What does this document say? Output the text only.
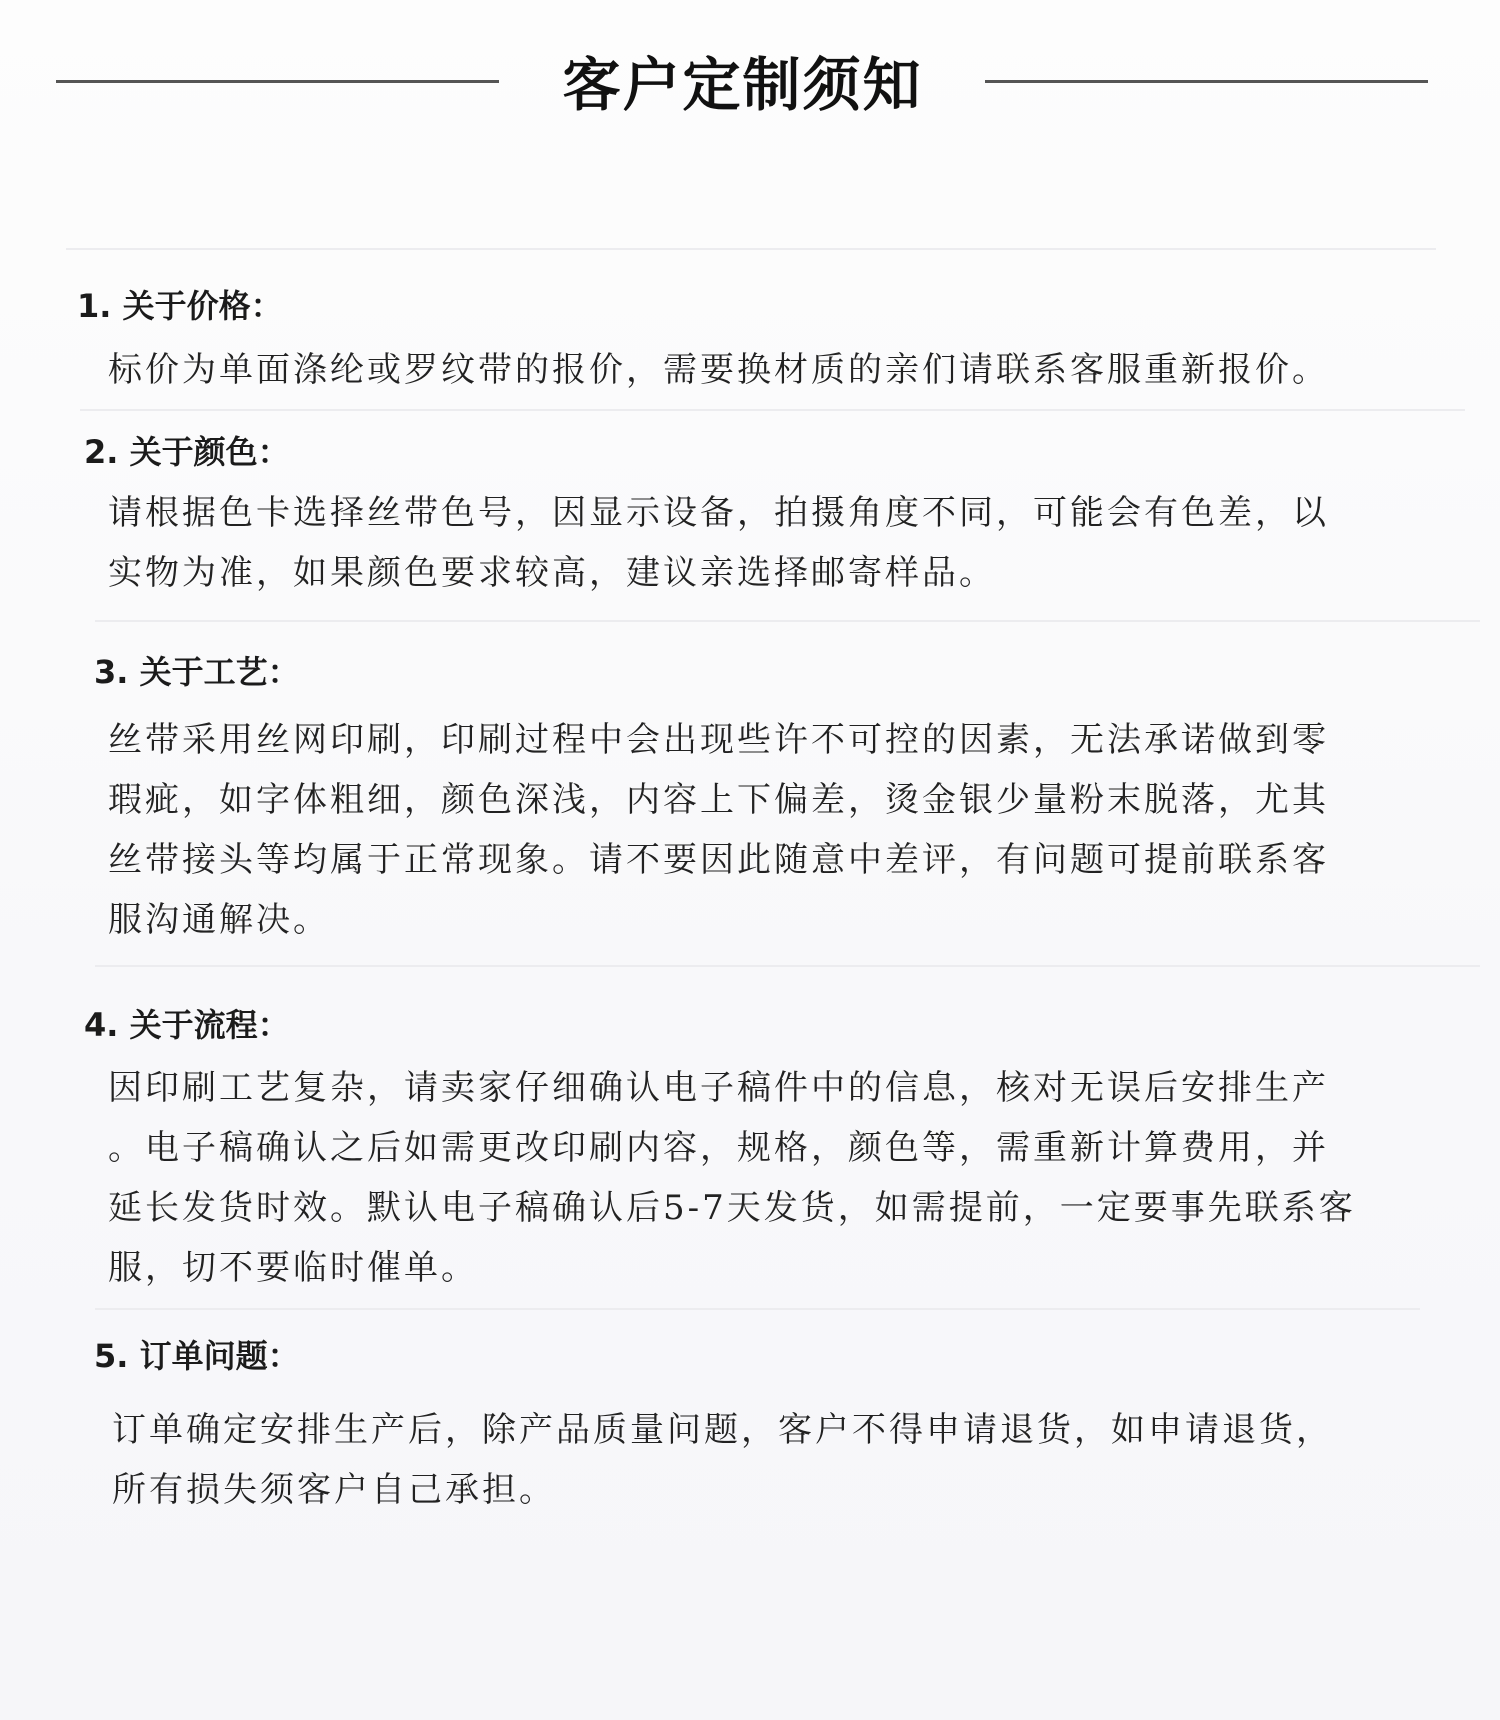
客户定制须知
1. 关于价格：
标价为单面涤纶或罗纹带的报价，需要换材质的亲们请联系客服重新报价。
2. 关于颜色：
请根据色卡选择丝带色号，因显示设备，拍摄角度不同，可能会有色差，以
实物为准，如果颜色要求较高，建议亲选择邮寄样品。
3. 关于工艺：
丝带采用丝网印刷，印刷过程中会出现些许不可控的因素，无法承诺做到零
瑕疵，如字体粗细，颜色深浅，内容上下偏差，烫金银少量粉末脱落，尤其
丝带接头等均属于正常现象。请不要因此随意中差评，有问题可提前联系客
服沟通解决。
4. 关于流程：
因印刷工艺复杂，请卖家仔细确认电子稿件中的信息，核对无误后安排生产
。电子稿确认之后如需更改印刷内容，规格，颜色等，需重新计算费用，并
延长发货时效。默认电子稿确认后5-7天发货，如需提前，一定要事先联系客
服，切不要临时催单。
5. 订单问题：
订单确定安排生产后，除产品质量问题，客户不得申请退货，如申请退货，
所有损失须客户自己承担。
